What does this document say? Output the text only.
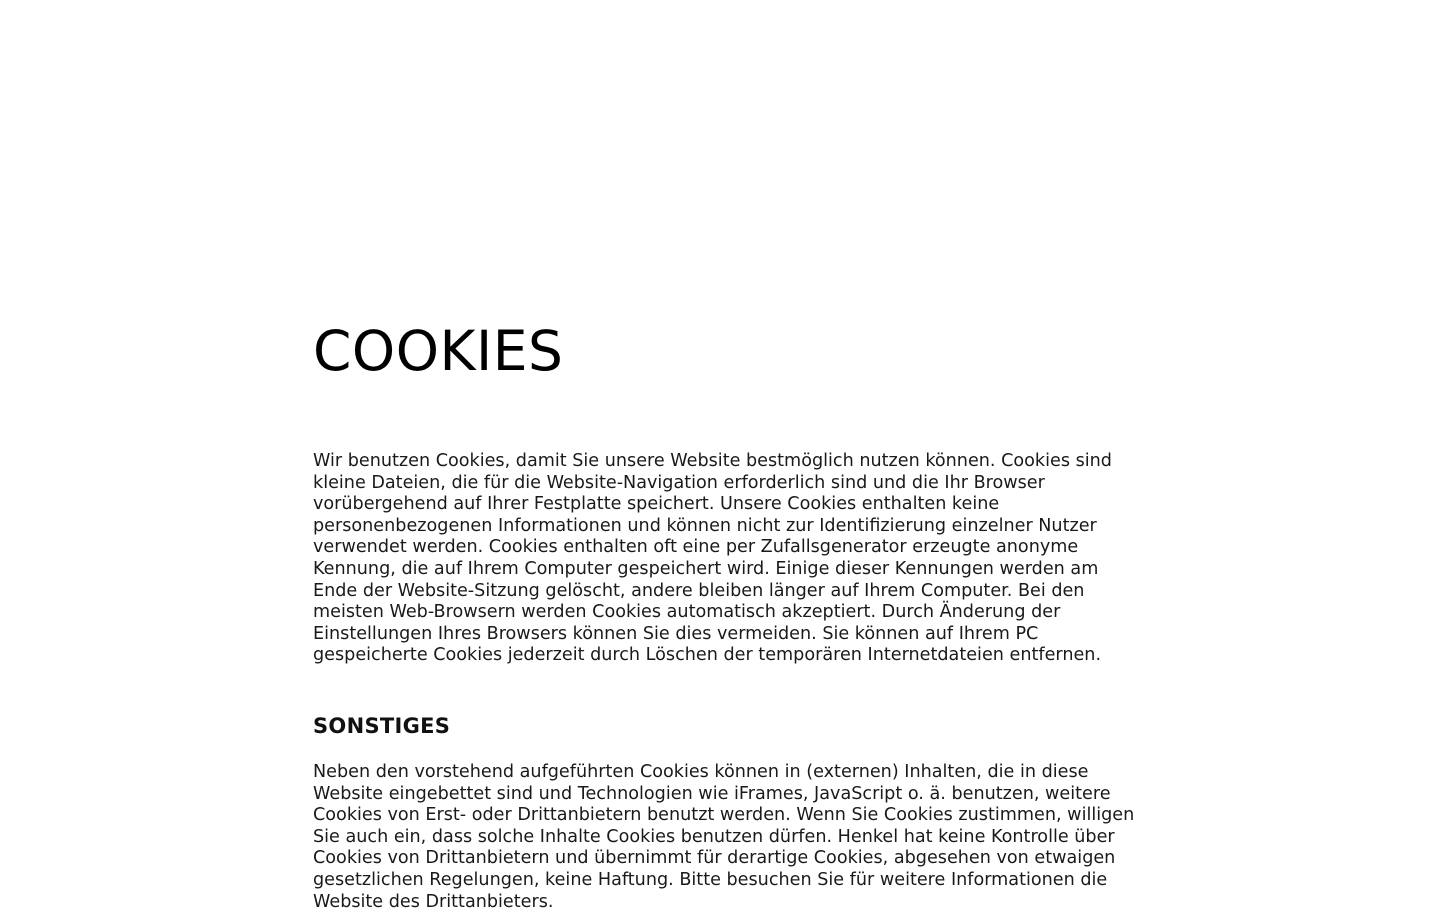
COOKIES

Wir benutzen Cookies, damit Sie unsere Website bestmöglich nutzen können. Cookies sind kleine Dateien, die für die Website-Navigation erforderlich sind und die Ihr Browser vorübergehend auf Ihrer Festplatte speichert. Unsere Cookies enthalten keine personenbezogenen Informationen und können nicht zur Identifizierung einzelner Nutzer verwendet werden. Cookies enthalten oft eine per Zufallsgenerator erzeugte anonyme Kennung, die auf Ihrem Computer gespeichert wird. Einige dieser Kennungen werden am Ende der Website-Sitzung gelöscht, andere bleiben länger auf Ihrem Computer. Bei den meisten Web-Browsern werden Cookies automatisch akzeptiert. Durch Änderung der Einstellungen Ihres Browsers können Sie dies vermeiden. Sie können auf Ihrem PC gespeicherte Cookies jederzeit durch Löschen der temporären Internetdateien entfernen.

SONSTIGES

Neben den vorstehend aufgeführten Cookies können in (externen) Inhalten, die in diese Website eingebettet sind und Technologien wie iFrames, JavaScript o. ä. benutzen, weitere Cookies von Erst- oder Drittanbietern benutzt werden. Wenn Sie Cookies zustimmen, willigen Sie auch ein, dass solche Inhalte Cookies benutzen dürfen. Henkel hat keine Kontrolle über Cookies von Drittanbietern und übernimmt für derartige Cookies, abgesehen von etwaigen gesetzlichen Regelungen, keine Haftung. Bitte besuchen Sie für weitere Informationen die Website des Drittanbieters.
